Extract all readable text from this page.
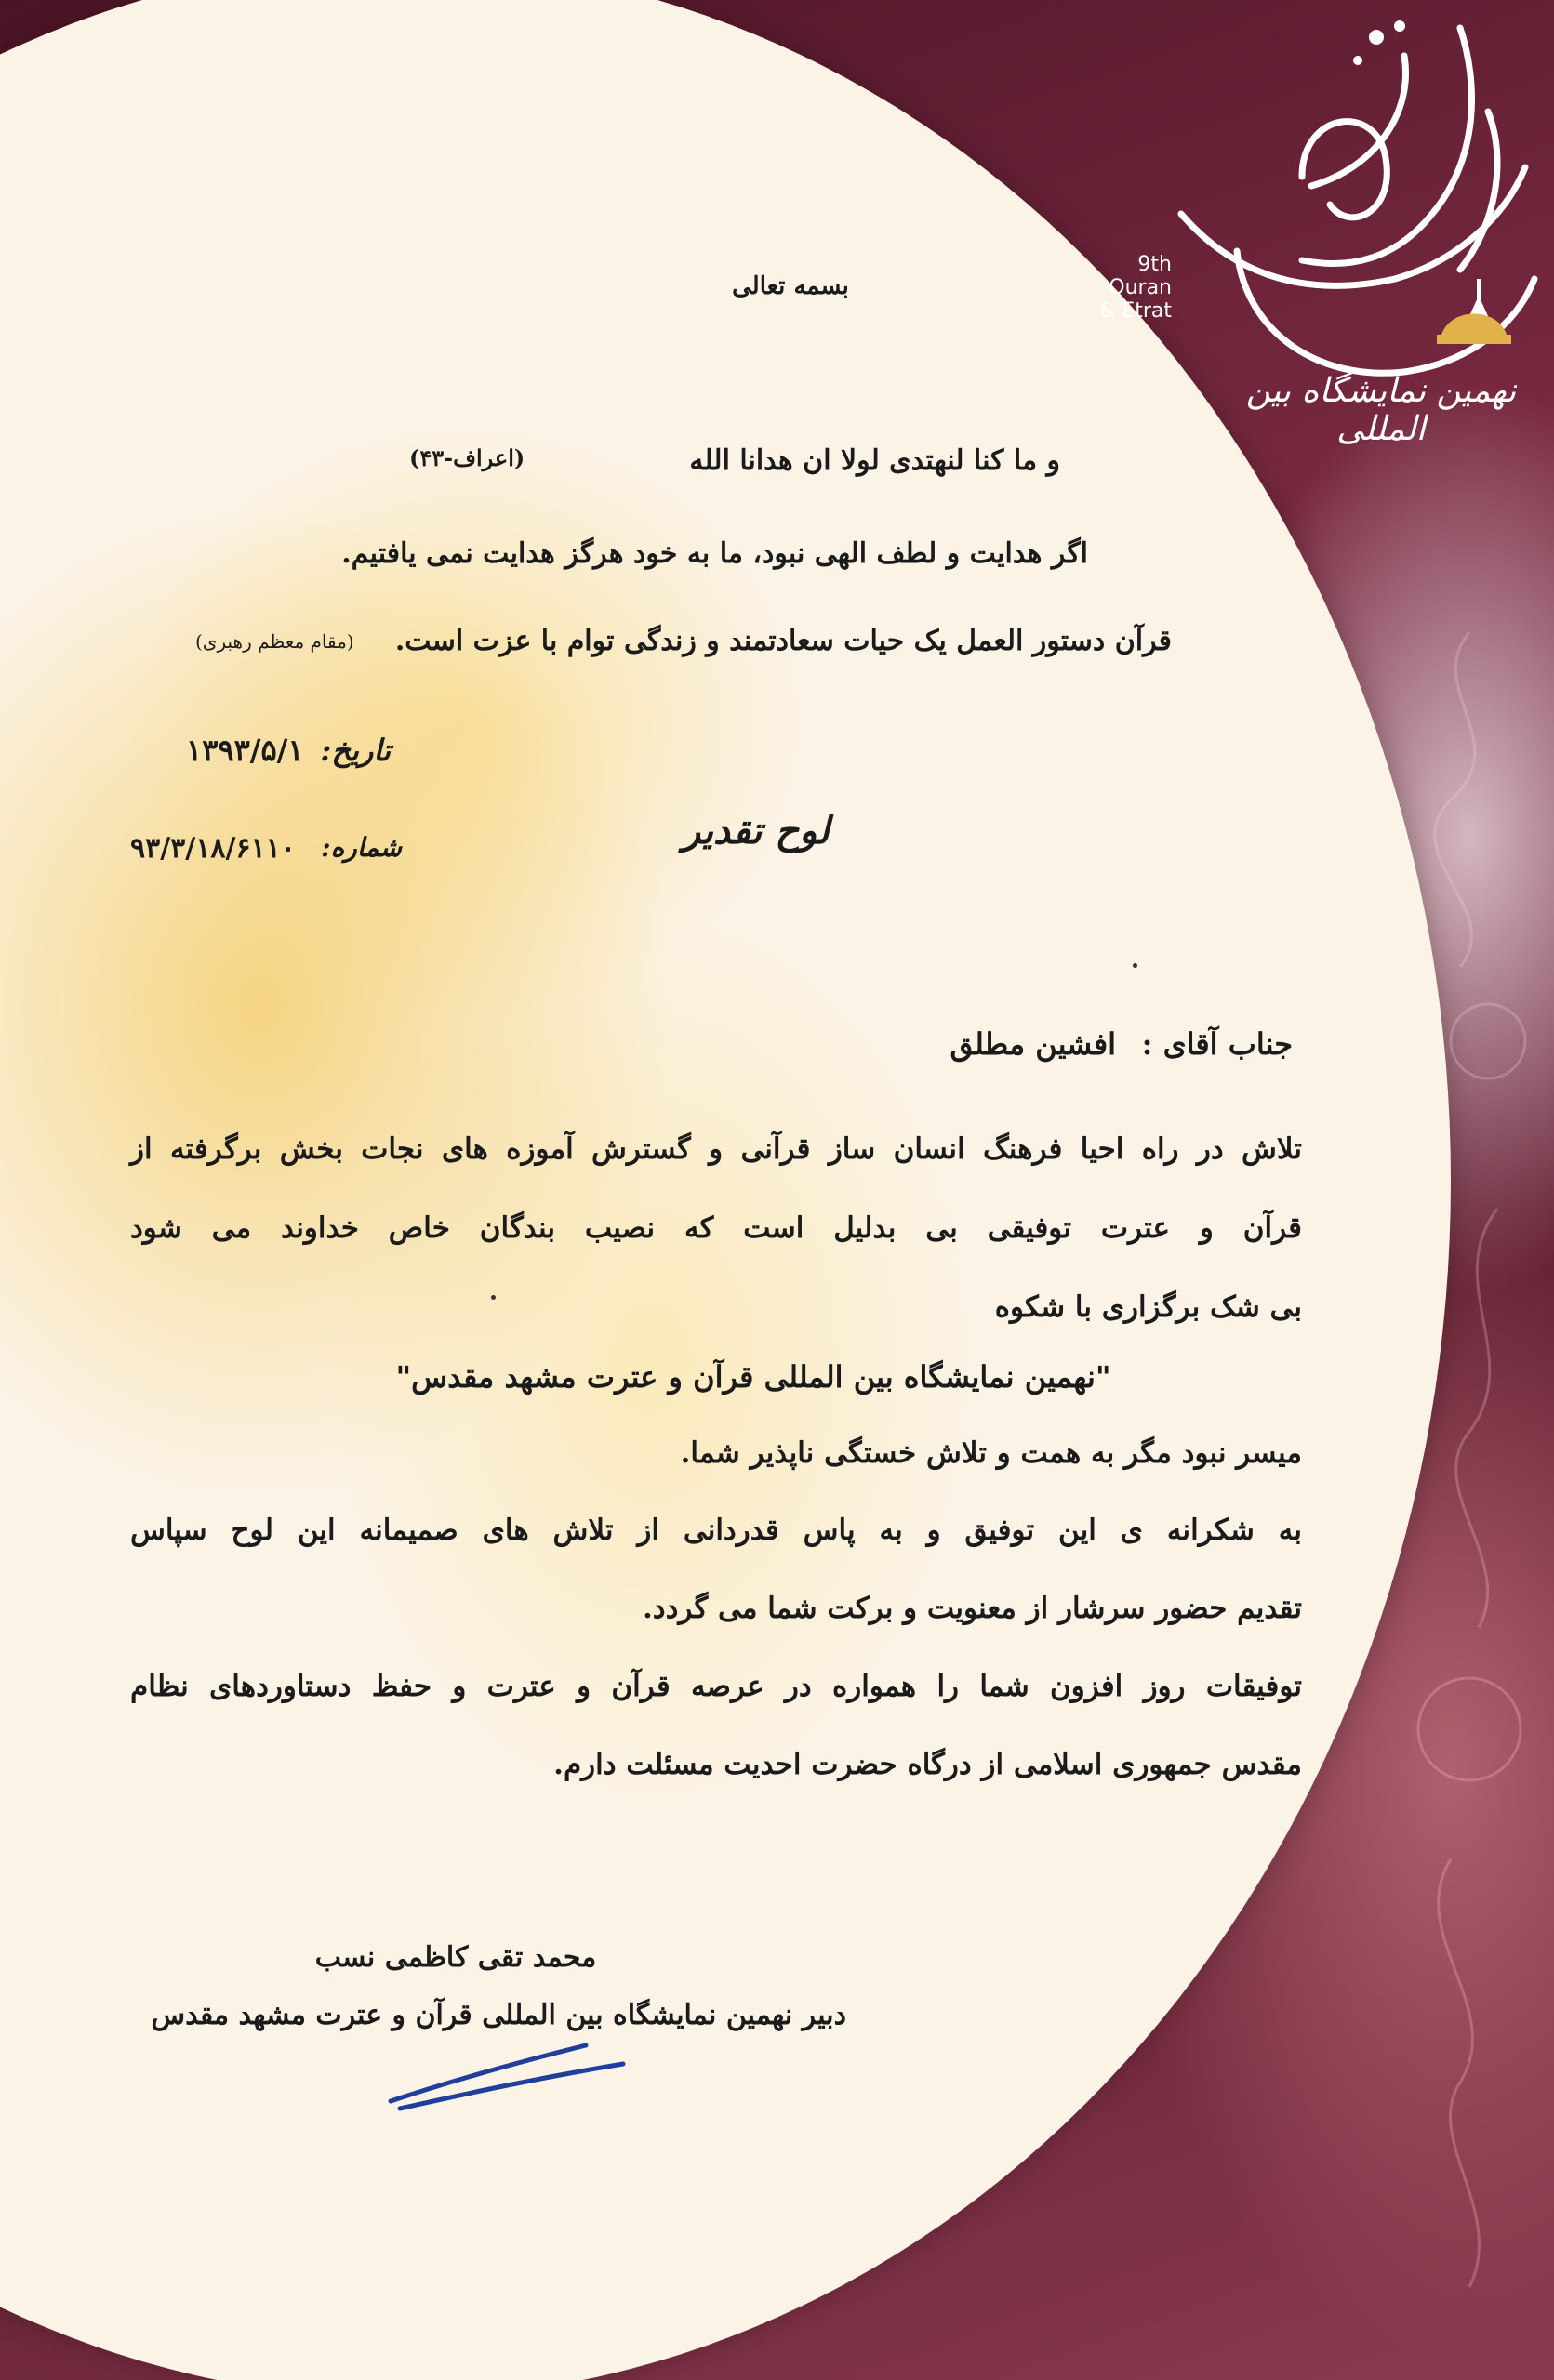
9th
Quran
& Etrat
نهمین نمایشگاه بین المللی
بسمه تعالی
و ما کنا لنهتدی لولا ان هدانا الله
(اعراف-۴۳)
اگر هدایت و لطف الهی نبود، ما به خود هرگز هدایت نمی یافتیم.
قرآن دستور العمل یک حیات سعادتمند و زندگی توام با عزت است.
(مقام معظم رهبری)
تاریخ:
۱۳۹۳/۵/۱
شماره:
۹۳/۳/۱۸/۶۱۱۰	لوح تقدیر
جناب آقای :
افشین مطلق
تلاش در راه احیا فرهنگ انسان ساز قرآنی و گسترش آموزه های نجات بخش برگرفته از
قرآن و عترت توفیقی بی بدلیل است که نصیب بندگان خاص خداوند می شود
بی شک برگزاری با شکوه
"نهمین نمایشگاه بین المللی قرآن و عترت مشهد مقدس"
میسر نبود مگر به همت و تلاش خستگی ناپذیر شما.
به شکرانه ی این توفیق و به پاس قدردانی از تلاش های صمیمانه این لوح سپاس
تقدیم حضور سرشار از معنویت و برکت شما می گردد.
توفیقات روز افزون شما را همواره در عرصه قرآن و عترت و حفظ دستاوردهای نظام
مقدس جمهوری اسلامی از درگاه حضرت احدیت مسئلت دارم.
محمد تقی کاظمی نسب
دبیر نهمین نمایشگاه بین المللی قرآن و عترت مشهد مقدس
